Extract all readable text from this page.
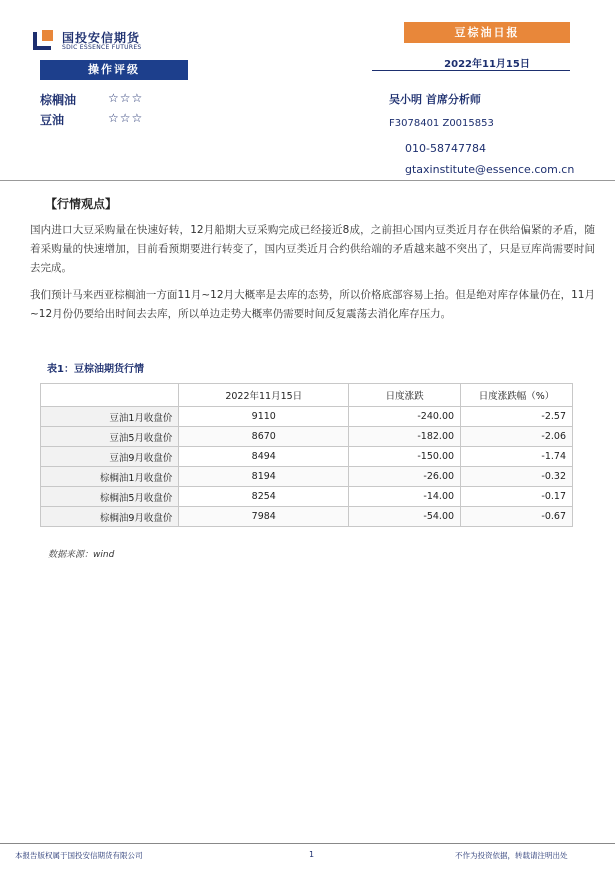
国投安信期货
SDIC ESSENCE FUTURES
豆棕油日报
2022年11月15日
操作评级
棕榈油	☆☆☆
豆油	☆☆☆
吴小明 首席分析师
F3078401 Z0015853
010-58747784
gtaxinstitute@essence.com.cn
【行情观点】
国内进口大豆采购量在快速好转，12月船期大豆采购完成已经接近8成，之前担心国内豆类近月存在供给偏紧的矛盾，随着采购量的快速增加，目前看预期要进行转变了，国内豆类近月合约供给端的矛盾越来越不突出了，只是豆库尚需要时间去完成。
我们预计马来西亚棕榈油一方面11月~12月大概率是去库的态势，所以价格底部容易上抬。但是绝对库存体量仍在，11月~12月份仍要给出时间去去库，所以单边走势大概率仍需要时间反复震荡去消化库存压力。
表1：豆棕油期货行情
	2022年11月15日	日度涨跌	日度涨跌幅（%）
豆油1月收盘价	9110	-240.00	-2.57
豆油5月收盘价	8670	-182.00	-2.06
豆油9月收盘价	8494	-150.00	-1.74
棕榈油1月收盘价	8194	-26.00	-0.32
棕榈油5月收盘价	8254	-14.00	-0.17
棕榈油9月收盘价	7984	-54.00	-0.67
数据来源：wind
本报告版权属于国投安信期货有限公司	1	不作为投资依据，转载请注明出处
